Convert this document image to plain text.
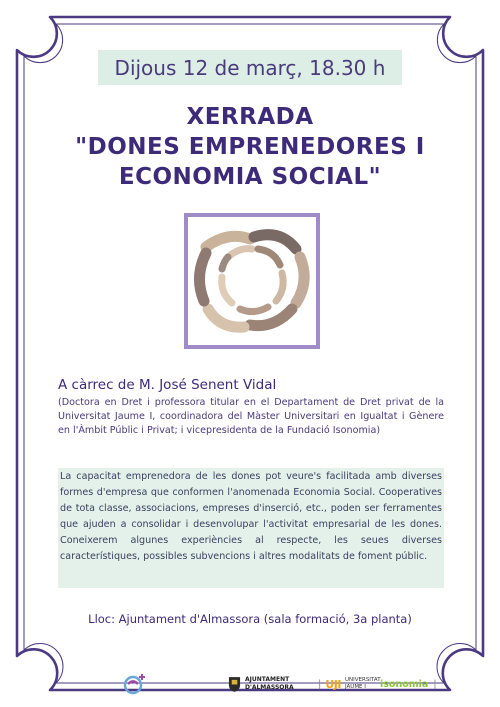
Dijous 12 de març, 18.30 h
XERRADA
"DONES EMPRENEDORES I
ECONOMIA SOCIAL"
A càrrec de M. José Senent Vidal
(Doctora en Dret i professora titular en el Departament de Dret privat de la Universitat Jaume I, coordinadora del Màster Universitari en Igualtat i Gènere en l'Àmbit Públic i Privat; i vicepresidenta de la Fundació Isonomia)
La capacitat emprenedora de les dones pot veure's facilitada amb diverses formes d'empresa que conformen l'anomenada Economia Social. Cooperatives de tota classe, associacions, empreses d'inserció, etc., poden ser ferramentes que ajuden a consolidar i desenvolupar l'activitat empresarial de les dones. Coneixerem algunes experiències al respecte, les seues diverses característiques, possibles subvencions i altres modalitats de foment públic.
Lloc: Ajuntament d'Almassora (sala formació, 3a planta)
AJUNTAMENT
D'ALMASSORA | UJI UNIVERSITAT
JAUME I	isonomia |
